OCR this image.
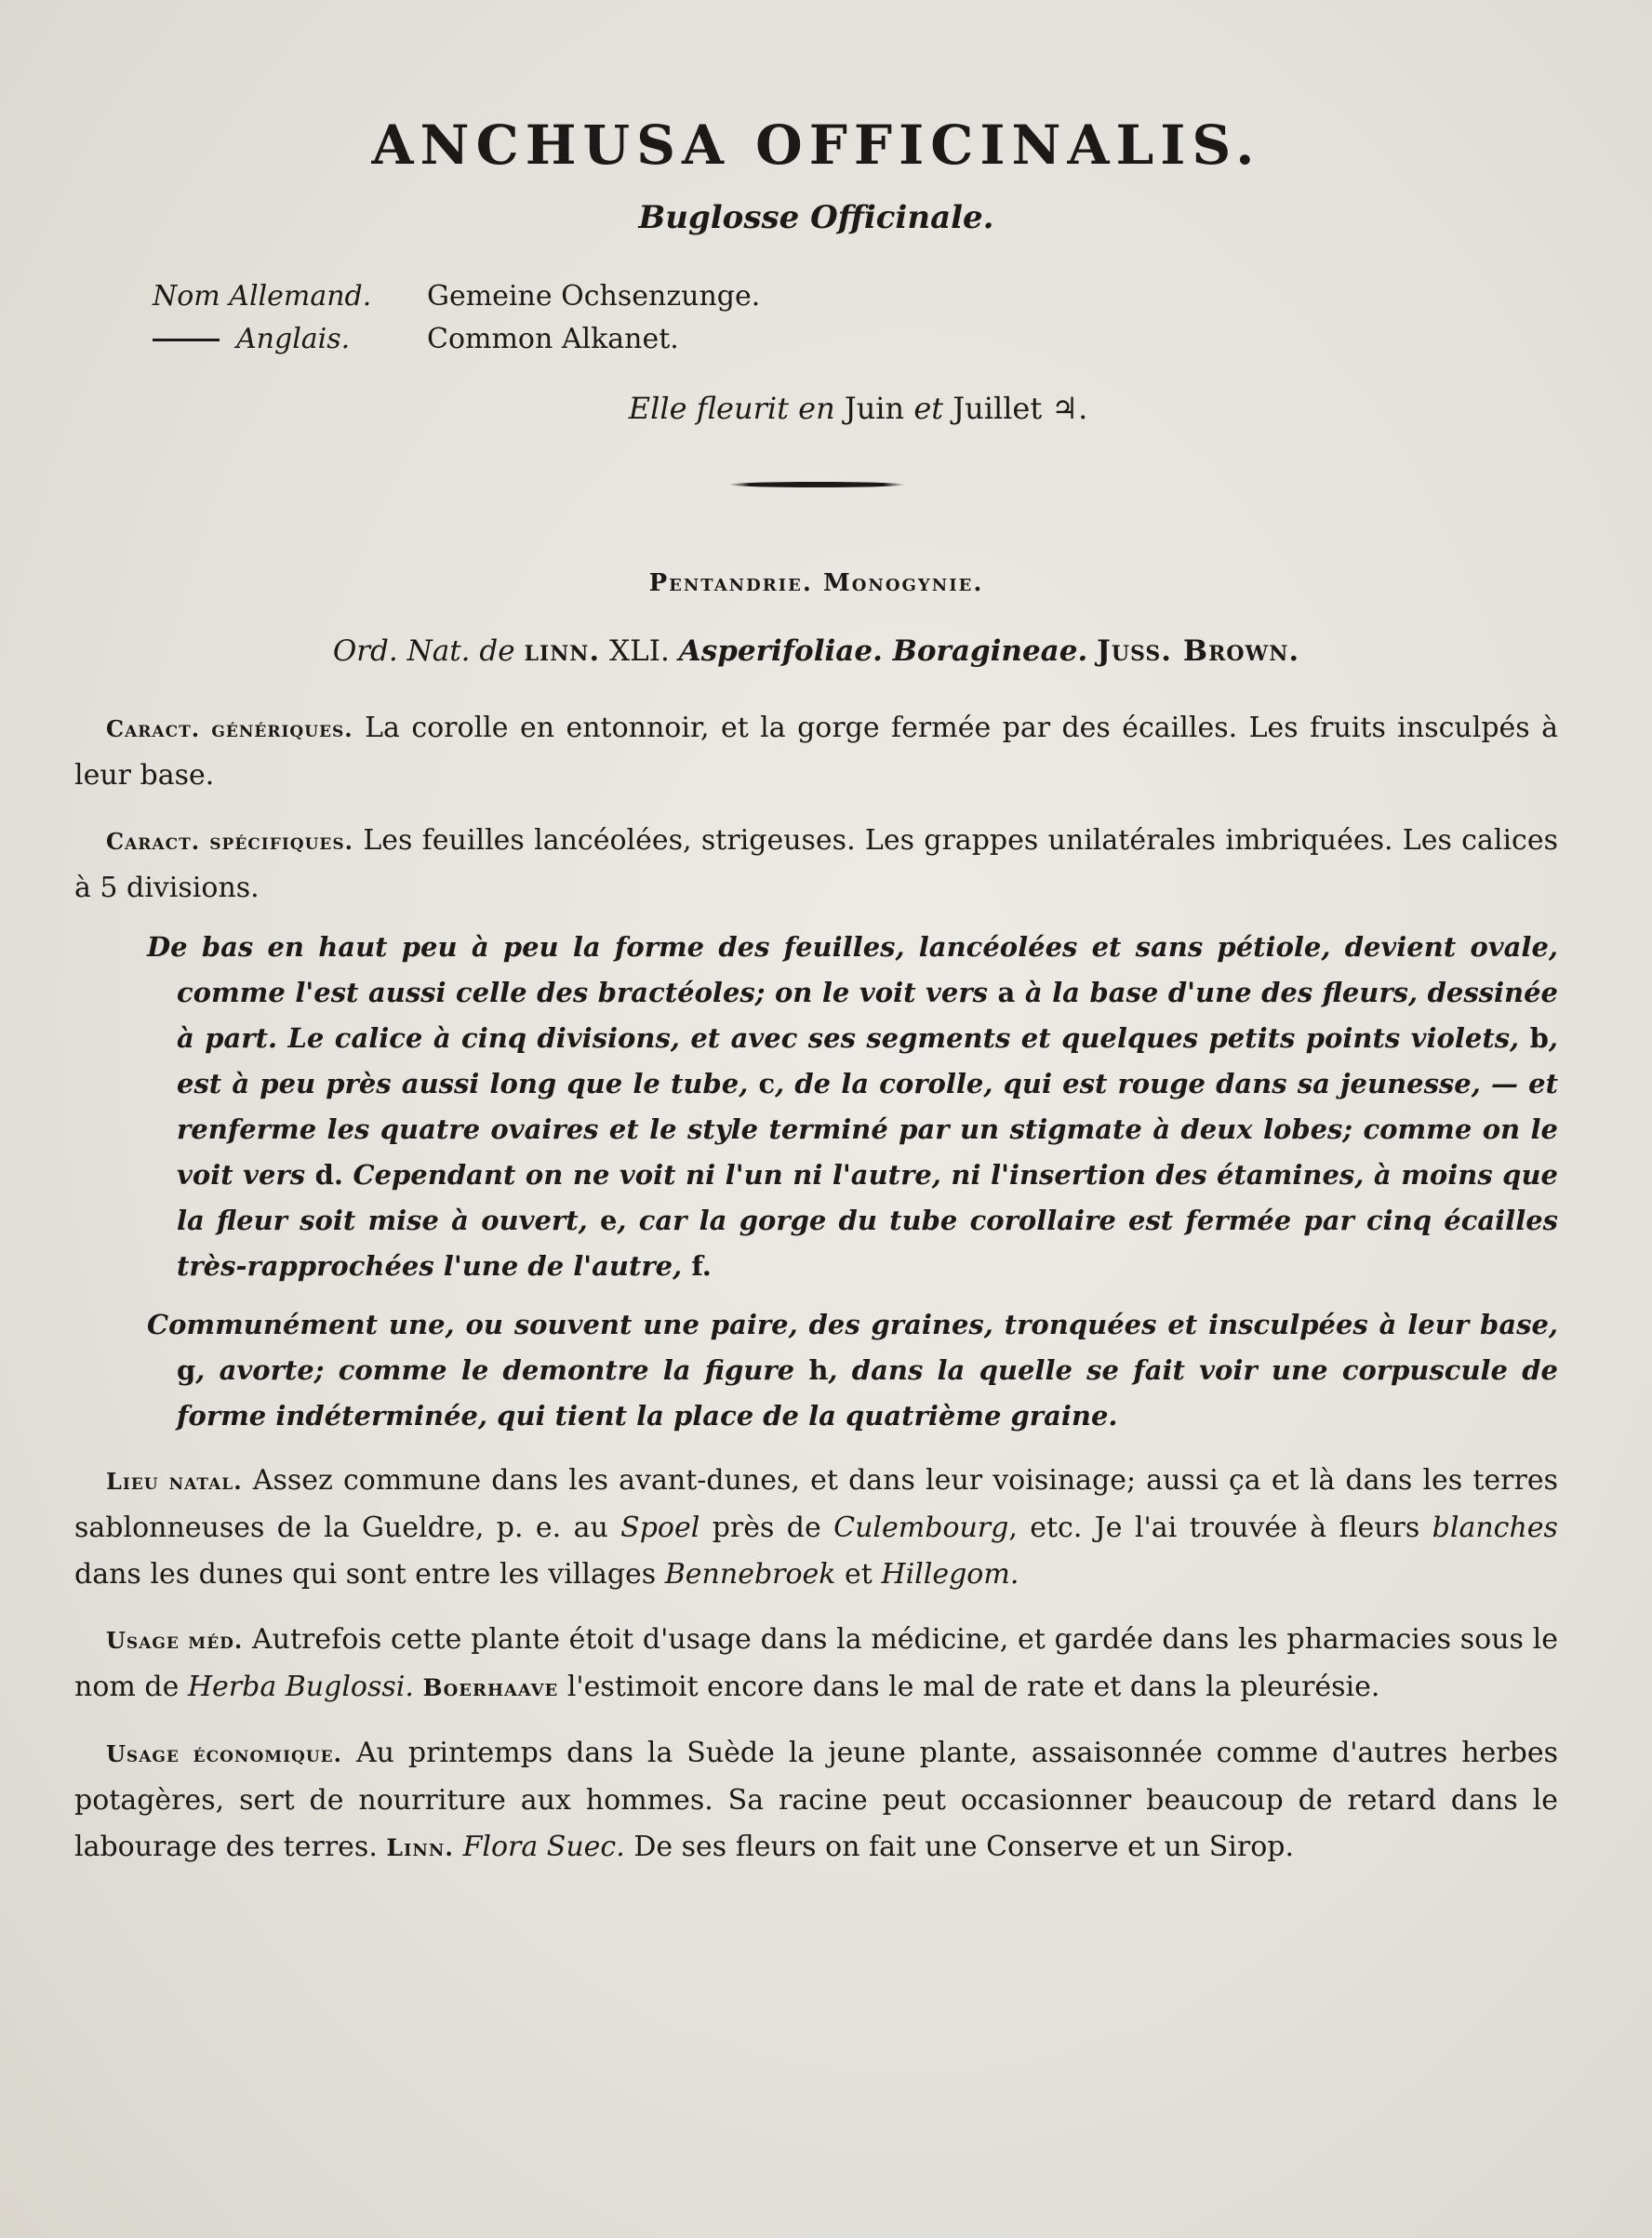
ANCHUSA OFFICINALIS.
Buglosse Officinale.
Nom Allemand.	Gemeine Ochsenzunge.
Anglais.	Common Alkanet.
Elle fleurit en Juin et Juillet ♃.
Pentandrie. Monogynie.
Ord. Nat. de linn. XLI. Asperifoliae. Boragineae. Juss. Brown.
Caract. génériques. La corolle en entonnoir, et la gorge fermée par des écailles. Les fruits insculpés à leur base.
Caract. spécifiques. Les feuilles lancéolées, strigeuses. Les grappes unilatérales imbriquées. Les calices à 5 divisions.
De bas en haut peu à peu la forme des feuilles, lancéolées et sans pétiole, devient ovale, comme l'est aussi celle des bractéoles; on le voit vers a à la base d'une des fleurs, dessinée à part. Le calice à cinq divisions, et avec ses segments et quelques petits points violets, b, est à peu près aussi long que le tube, c, de la corolle, qui est rouge dans sa jeunesse, — et renferme les quatre ovaires et le style terminé par un stigmate à deux lobes; comme on le voit vers d. Cependant on ne voit ni l'un ni l'autre, ni l'insertion des étamines, à moins que la fleur soit mise à ouvert, e, car la gorge du tube corollaire est fermée par cinq écailles très-rapprochées l'une de l'autre, f.
Communément une, ou souvent une paire, des graines, tronquées et insculpées à leur base, g, avorte; comme le demontre la figure h, dans la quelle se fait voir une corpuscule de forme indéterminée, qui tient la place de la quatrième graine.
Lieu natal. Assez commune dans les avant-dunes, et dans leur voisinage; aussi ça et là dans les terres sablonneuses de la Gueldre, p. e. au Spoel près de Culembourg, etc. Je l'ai trouvée à fleurs blanches dans les dunes qui sont entre les villages Bennebroek et Hillegom.
Usage méd. Autrefois cette plante étoit d'usage dans la médicine, et gardée dans les pharmacies sous le nom de Herba Buglossi. Boerhaave l'estimoit encore dans le mal de rate et dans la pleurésie.
Usage économique. Au printemps dans la Suède la jeune plante, assaisonnée comme d'autres herbes potagères, sert de nourriture aux hommes. Sa racine peut occasionner beaucoup de retard dans le labourage des terres. Linn. Flora Suec. De ses fleurs on fait une Conserve et un Sirop.
